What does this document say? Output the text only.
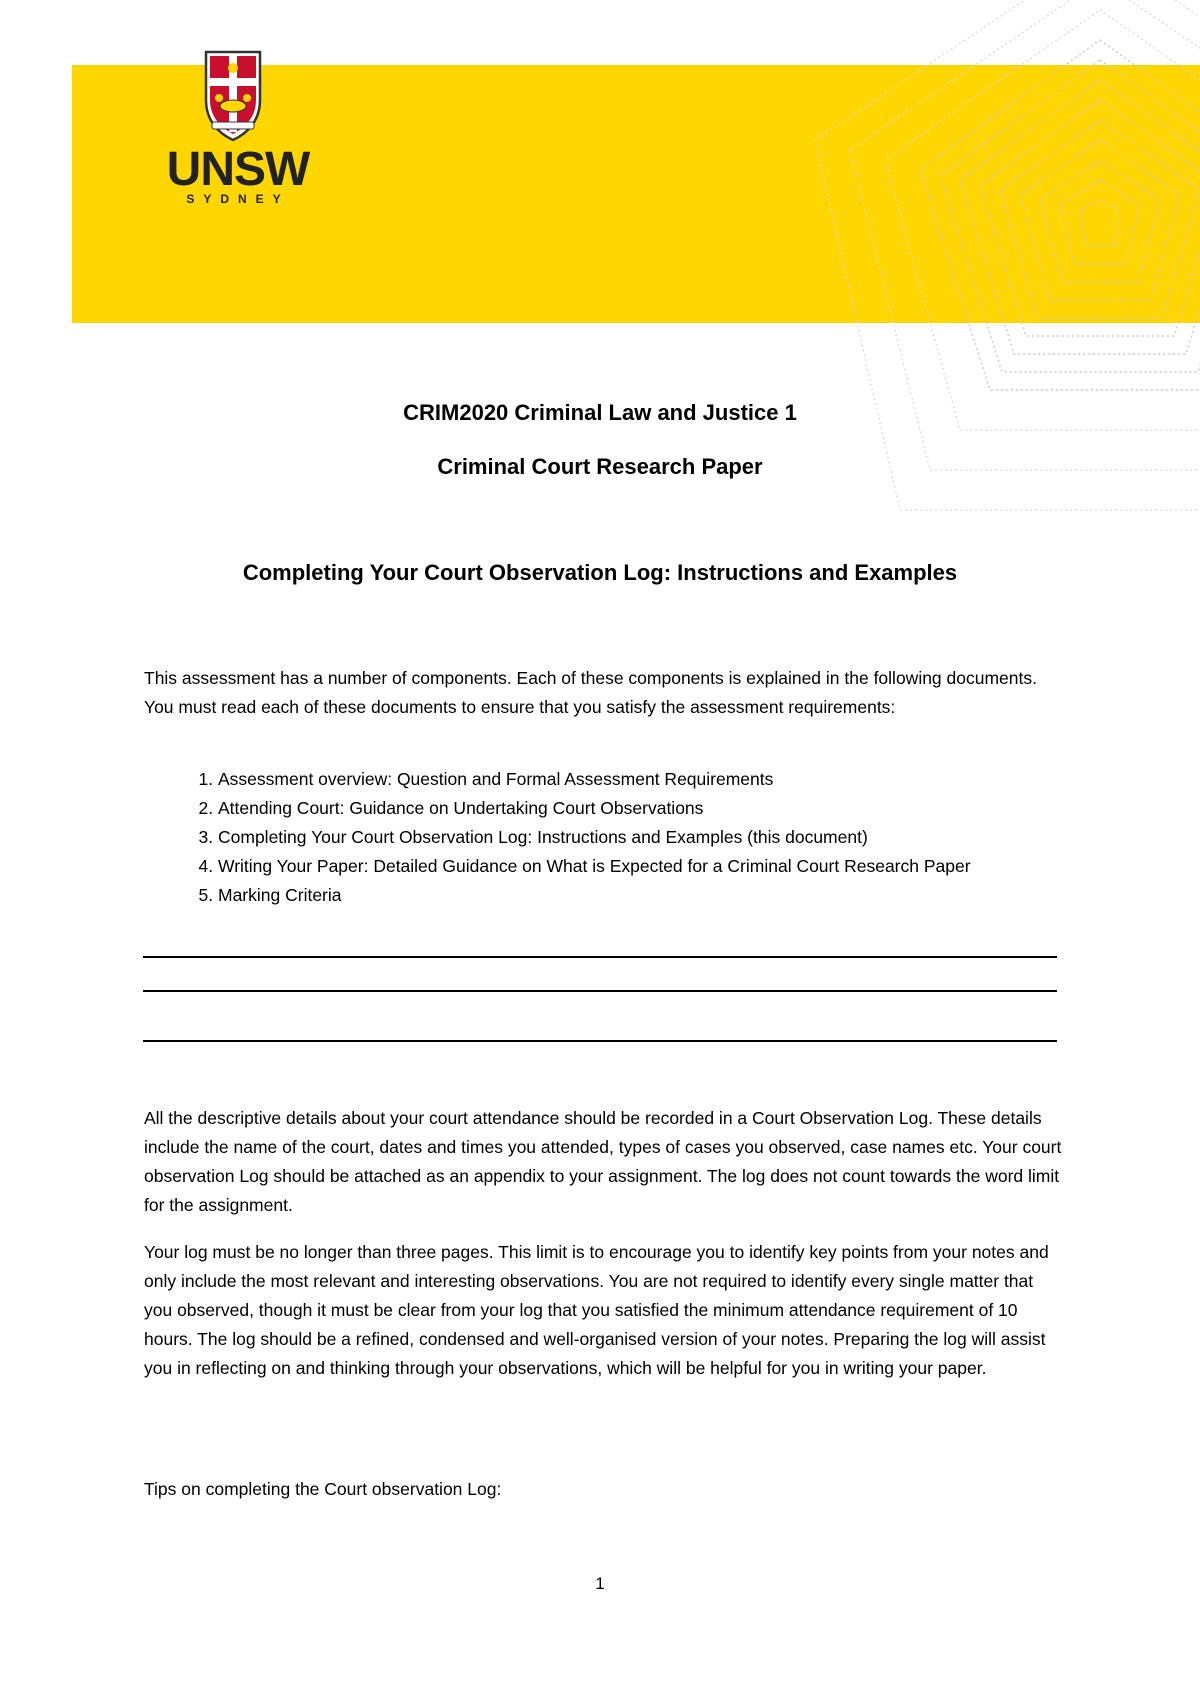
UNSW
SYDNEY
CRIM2020 Criminal Law and Justice 1
Criminal Court Research Paper
Completing Your Court Observation Log: Instructions and Examples

This assessment has a number of components. Each of these components is explained in the following documents. You must read each of these documents to ensure that you satisfy the assessment requirements:

1. Assessment overview: Question and Formal Assessment Requirements
2. Attending Court: Guidance on Undertaking Court Observations
3. Completing Your Court Observation Log: Instructions and Examples (this document)
4. Writing Your Paper: Detailed Guidance on What is Expected for a Criminal Court Research Paper
5. Marking Criteria

All the descriptive details about your court attendance should be recorded in a Court Observation Log. These details include the name of the court, dates and times you attended, types of cases you observed, case names etc. Your court observation Log should be attached as an appendix to your assignment. The log does not count towards the word limit for the assignment.

Your log must be no longer than three pages. This limit is to encourage you to identify key points from your notes and only include the most relevant and interesting observations. You are not required to identify every single matter that you observed, though it must be clear from your log that you satisfied the minimum attendance requirement of 10 hours. The log should be a refined, condensed and well-organised version of your notes. Preparing the log will assist you in reflecting on and thinking through your observations, which will be helpful for you in writing your paper.

Tips on completing the Court observation Log:
1
